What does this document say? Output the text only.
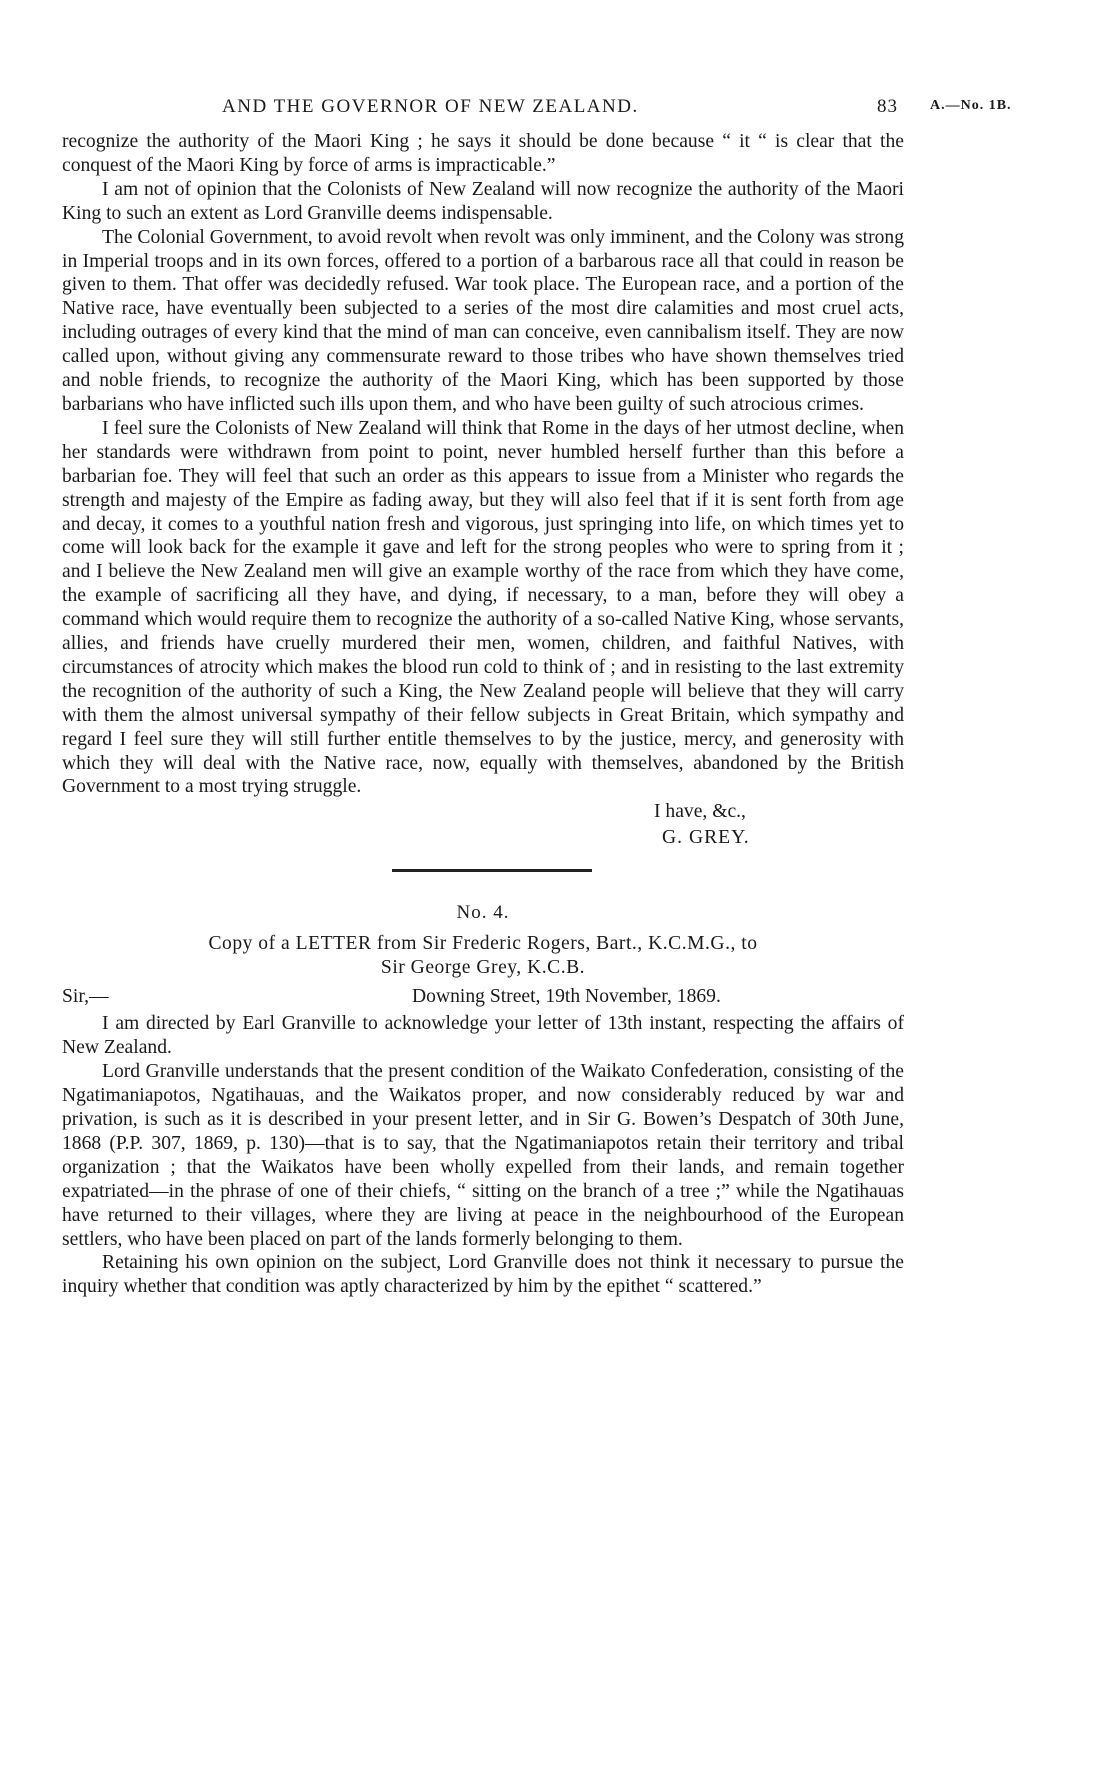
AND THE GOVERNOR OF NEW ZEALAND.	83 A.—No. 1B.

recognize the authority of the Maori King ; he says it should be done because “ it “ is clear that the conquest of the Maori King by force of arms is impracticable.”

I am not of opinion that the Colonists of New Zealand will now recognize the authority of the Maori King to such an extent as Lord Granville deems indispensable.

The Colonial Government, to avoid revolt when revolt was only imminent, and the Colony was strong in Imperial troops and in its own forces, offered to a portion of a barbarous race all that could in reason be given to them. That offer was decidedly refused. War took place. The European race, and a portion of the Native race, have eventually been subjected to a series of the most dire calamities and most cruel acts, including outrages of every kind that the mind of man can conceive, even cannibalism itself. They are now called upon, without giving any commensurate reward to those tribes who have shown themselves tried and noble friends, to recognize the authority of the Maori King, which has been supported by those barbarians who have inflicted such ills upon them, and who have been guilty of such atrocious crimes.

I feel sure the Colonists of New Zealand will think that Rome in the days of her utmost decline, when her standards were withdrawn from point to point, never humbled herself further than this before a barbarian foe. They will feel that such an order as this appears to issue from a Minister who regards the strength and majesty of the Empire as fading away, but they will also feel that if it is sent forth from age and decay, it comes to a youthful nation fresh and vigorous, just springing into life, on which times yet to come will look back for the example it gave and left for the strong peoples who were to spring from it ; and I believe the New Zealand men will give an example worthy of the race from which they have come, the example of sacrificing all they have, and dying, if necessary, to a man, before they will obey a command which would require them to recognize the authority of a so-called Native King, whose servants, allies, and friends have cruelly murdered their men, women, children, and faithful Natives, with circumstances of atrocity which makes the blood run cold to think of ; and in resisting to the last extremity the recognition of the authority of such a King, the New Zealand people will believe that they will carry with them the almost universal sympathy of their fellow subjects in Great Britain, which sympathy and regard I feel sure they will still further entitle themselves to by the justice, mercy, and generosity with which they will deal with the Native race, now, equally with themselves, abandoned by the British Government to a most trying struggle.

I have, &c.,
G. GREY.
No. 4.
Copy of a LETTER from Sir Frederic Rogers, Bart., K.C.M.G., to
Sir George Grey, K.C.B.
Sir,—	Downing Street, 19th November, 1869.

I am directed by Earl Granville to acknowledge your letter of 13th instant, respecting the affairs of New Zealand.

Lord Granville understands that the present condition of the Waikato Confederation, consisting of the Ngatimaniapotos, Ngatihauas, and the Waikatos proper, and now considerably reduced by war and privation, is such as it is described in your present letter, and in Sir G. Bowen’s Despatch of 30th June, 1868 (P.P. 307, 1869, p. 130)—that is to say, that the Ngatimaniapotos retain their territory and tribal organization ; that the Waikatos have been wholly expelled from their lands, and remain together expatriated—in the phrase of one of their chiefs, “ sitting on the branch of a tree ;” while the Ngatihauas have returned to their villages, where they are living at peace in the neighbourhood of the European settlers, who have been placed on part of the lands formerly belonging to them.

Retaining his own opinion on the subject, Lord Granville does not think it necessary to pursue the inquiry whether that condition was aptly characterized by him by the epithet “ scattered.”
